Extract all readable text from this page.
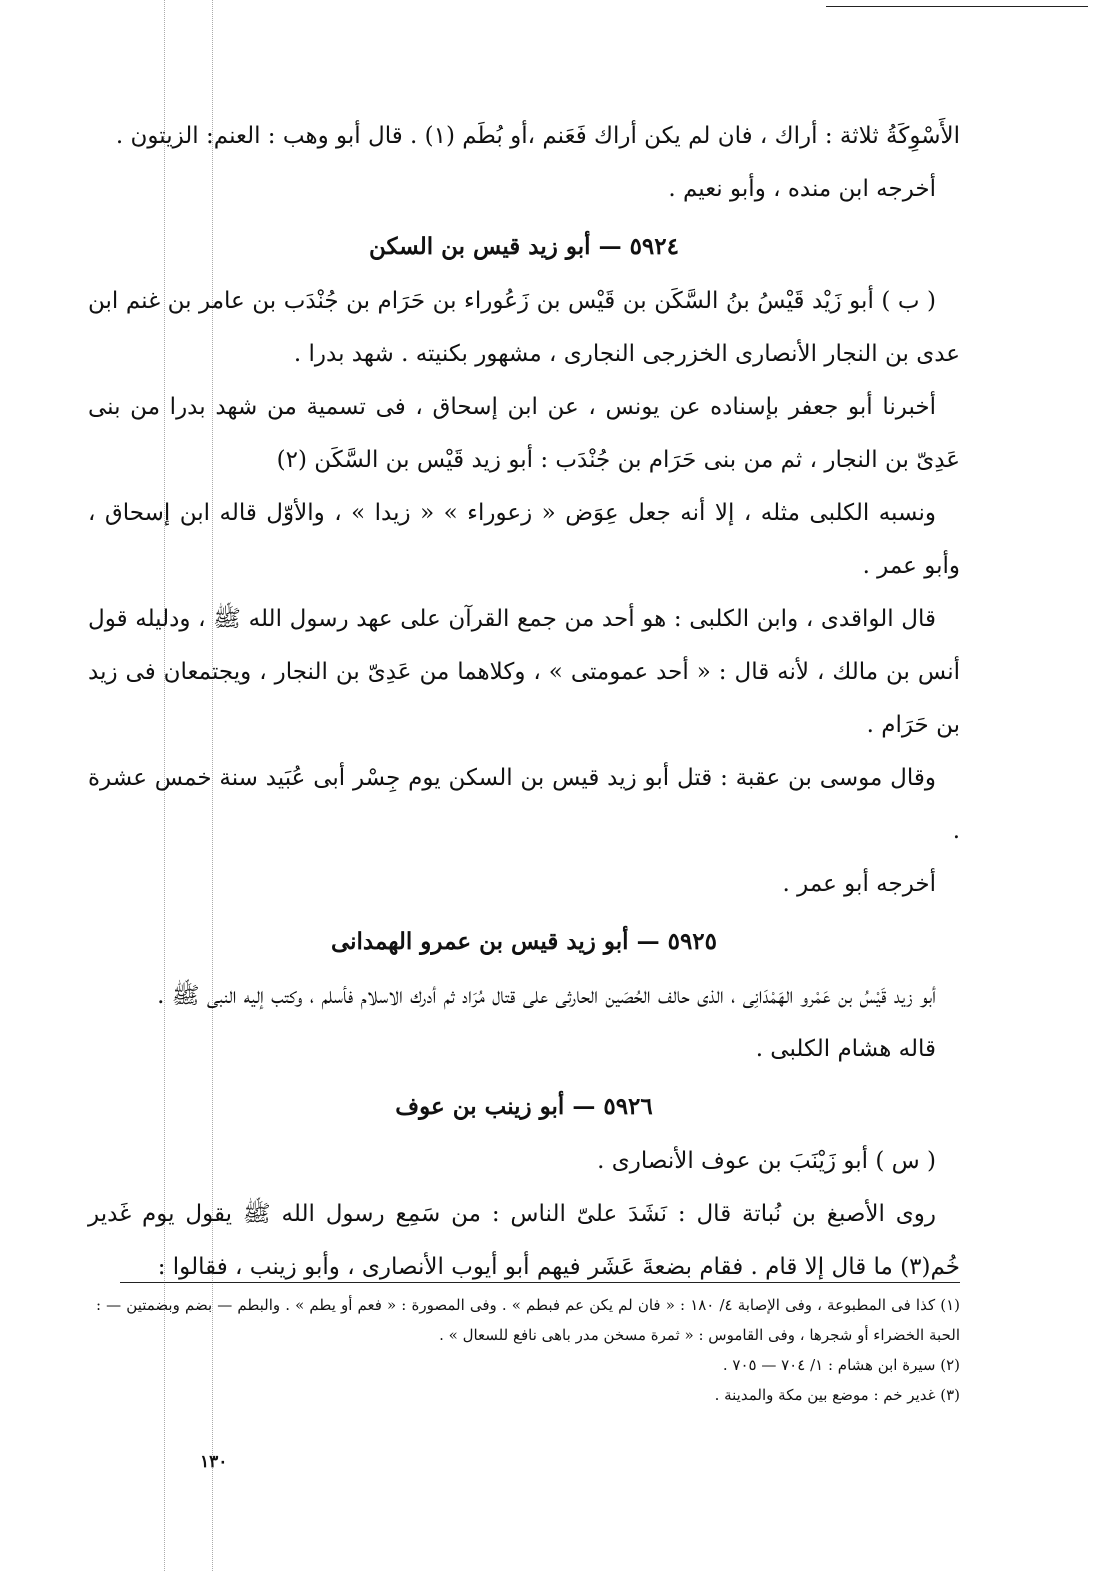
الأَسْوِكَةُ ثلاثة : أراك ، فان لم يكن أراك فَعَنم ،أو بُطَم (١) . قال أبو وهب : العنم: الزيتون .

أخرجه ابن منده ، وأبو نعيم .

٥٩٢٤ — أبو زيد قيس بن السكن

( ب ) أبو زَيْد قَيْسُ بنُ السَّكَن بن قَيْس بن زَعُوراء بن حَرَام بن جُنْدَب بن عامر بن غنم ابن عدى بن النجار الأنصارى الخزرجى النجارى ، مشهور بكنيته . شهد بدرا .

أخبرنا أبو جعفر بإسناده عن يونس ، عن ابن إسحاق ، فى تسمية من شهد بدرا من بنى عَدِىّ بن النجار ، ثم من بنى حَرَام بن جُنْدَب : أبو زيد قَيْس بن السَّكَن (٢)

ونسبه الكلبى مثله ، إلا أنه جعل عِوَض « زعوراء » « زيدا » ، والأوّل قاله ابن إسحاق ، وأبو عمر .

قال الواقدى ، وابن الكلبى : هو أحد من جمع القرآن على عهد رسول الله ﷺ ، ودليله قول أنس بن مالك ، لأنه قال : « أحد عمومتى » ، وكلاهما من عَدِىّ بن النجار ، ويجتمعان فى زيد بن حَرَام .

وقال موسى بن عقبة : قتل أبو زيد قيس بن السكن يوم جِسْر أبى عُبَيد سنة خمس عشرة .

أخرجه أبو عمر .

٥٩٢٥ — أبو زيد قيس بن عمرو الهمدانى

أبو زيد قَيْسُ بن عَمْرو الهَمْدَانِى ، الذى حالف الحُصَين الحارثى على قتال مُرَاد ثم أدرك الاسلام فأسلم ، وكتب إليه النبى ﷺ .

قاله هشام الكلبى .

٥٩٢٦ — أبو زينب بن عوف

( س ) أبو زَيْنَبَ بن عوف الأنصارى .

روى الأصبغ بن نُباتة قال : نَشَدَ علىّ الناس : من سَمِع رسول الله ﷺ يقول يوم غَدير خُم(٣) ما قال إلا قام . فقام بضعةَ عَشَر فيهم أبو أيوب الأنصارى ، وأبو زينب ، فقالوا :

(١) كذا فى المطبوعة ، وفى الإصابة ٤/ ١٨٠ : « فان لم يكن عم فبطم » . وفى المصورة : « فعم أو يطم » . والبطم — بضم وبضمتين — : الحبة الخضراء أو شجرها ، وفى القاموس : « ثمرة مسخن مدر باهى نافع للسعال » .

(٢) سيرة ابن هشام : ١/ ٧٠٤ — ٧٠٥ .

(٣) غدير خم : موضع بين مكة والمدينة .

١٣٠
